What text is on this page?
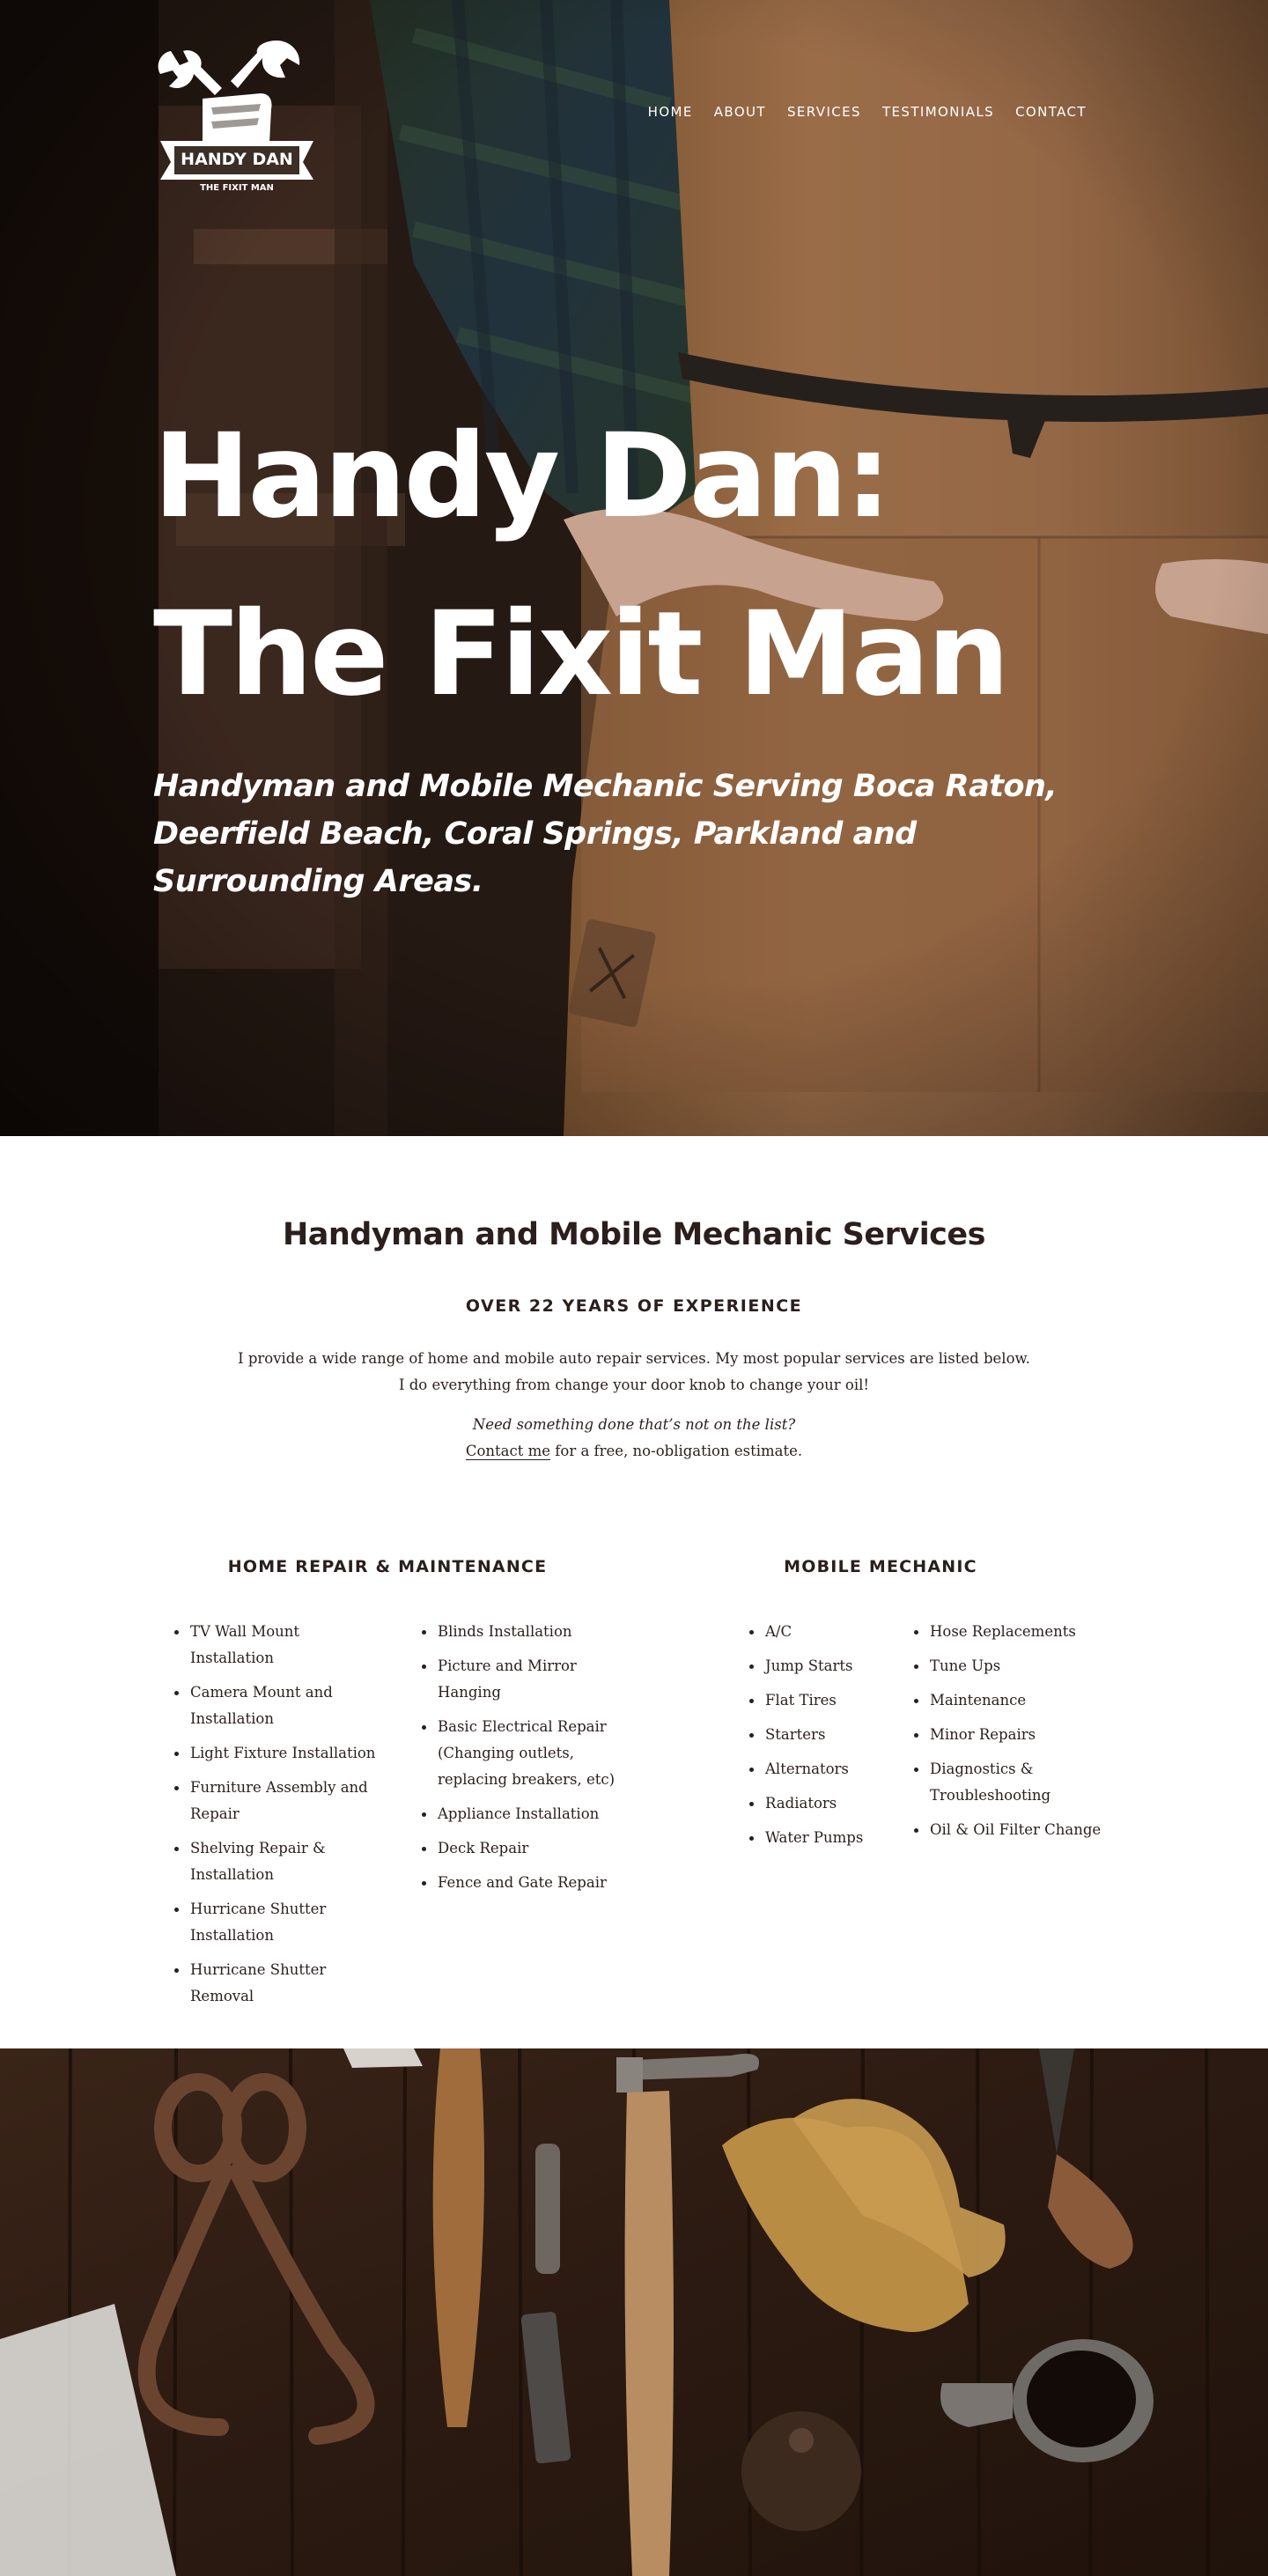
HANDY DAN
THE FIXIT MAN
HOME ABOUT SERVICES TESTIMONIALS CONTACT
Handy Dan:
The Fixit Man

Handyman and Mobile Mechanic Serving Boca Raton, Deerfield Beach, Coral Springs, Parkland and Surrounding Areas.

Handyman and Mobile Mechanic Services
OVER 22 YEARS OF EXPERIENCE

I provide a wide range of home and mobile auto repair services. My most popular services are listed below. I do everything from change your door knob to change your oil!

Need something done that’s not on the list?
Contact me for a free, no-obligation estimate.

HOME REPAIR & MAINTENANCE	MOBILE MECHANIC
TV Wall Mount Installation
Camera Mount and Installation
Light Fixture Installation
Furniture Assembly and Repair
Shelving Repair & Installation
Hurricane Shutter Installation
Hurricane Shutter Removal
Blinds Installation
Picture and Mirror Hanging
Basic Electrical Repair (Changing outlets, replacing breakers, etc)
Appliance Installation
Deck Repair
Fence and Gate Repair
A/C
Jump Starts
Flat Tires
Starters
Alternators
Radiators
Water Pumps
Hose Replacements
Tune Ups
Maintenance
Minor Repairs
Diagnostics & Troubleshooting
Oil & Oil Filter Change
